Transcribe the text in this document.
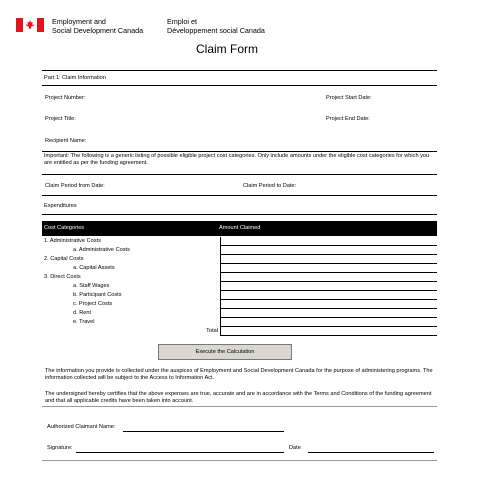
Employment and
Social Development Canada
Emploi et
Développement social Canada
Claim Form
Part 1: Claim Information
Project Number:	Project Start Date:
Project Title:	Project End Date:
Recipient Name:
Important: The following is a generic listing of possible eligible project cost categories. Only include amounts under the eligible cost categories for which you are entitled as per the funding agreement.
Claim Period from Date:	Claim Period to Date:
Expenditures
Cost Categories	Amount Claimed
1. Administrative Costs
a. Administrative Costs
2. Capital Costs
a. Capital Assets
3. Direct Costs
a. Staff Wages
b. Participant Costs
c. Project Costs
d. Rent
e. Travel
Total
Execute the Calculation
The information you provide is collected under the auspices of Employment and Social Development Canada for the purpose of administering programs. The information collected will be subject to the Access to Information Act.
The undersigned hereby certifies that the above expenses are true, accurate and are in accordance with the Terms and Conditions of the funding agreement and that all applicable credits have been taken into account.
Authorized Claimant Name:
Signature:	Date
